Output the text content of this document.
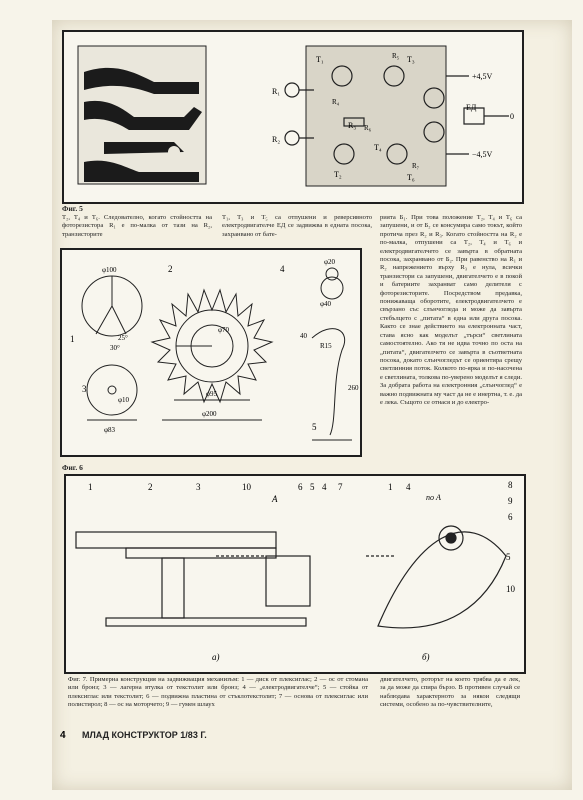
T₁
T₂
T₃
T₆
T₄
R₁
R₂
R₃
R₄
R₅
R₆
R₇
ЕД
+4,5V
−4,5V
0
Фиг. 5
T₂, T₄ и T₆. Следователно, когато стойността на фоторезистора R₁ е по-малка от тази на R₂, транзисторите
T₁, T₃ и T₅ са отпушени и реверсивното електродвигателче ЕД се задвижва в едната посока, захранвано от бате-
рията Б₁. При това положение T₂, T₄ и T₆ са запушени, и от Б₂ се консумира само токът, който протича през R₂ и R₃. Когато стойността на R₂ е по-малка, отпушени са T₂, T₄ и T₆ и електродвигателчето се завърта в обратната посока, захранвано от Б₂. При равенство на R₁ и R₂ напрежението върху R₃ е нула, всички транзистори са запушени, двигателчето е в покой и батериите захранват само делителя с фоторезисторите. Посредством предавка, понижаваща оборотите, електродвигателчето е свързано със слънчогледа и може да завърта стебълцето с „питата“ в една или друга посока. Както се знае действието на електронната част, става ясно как моделът „търси“ светлината самостоятелно. Ако тя не идва точно по оста на „питата“, двигателчето се завърта в съответната посока, докато слънчогледът се ориентира срещу светлинния поток. Колкото по-ярка и по-насочена е светлината, толкова по-уверено моделът я следи. За добрата работа на електронния „слънчоглед“ е важно подвижната му част да не е инертна, т. е. да е лека. Същото се отнася и до електро-
1
2
3
4
5
φ100
25°
30°
φ70
φ95
φ200
φ10
φ83
φ20
φ40
40
R15
260
Фиг. 6
1	2	3	10
A
6 5 4 7
a)
1 4
по A
8
9
6
5
10
б)
Фиг. 7. Примерна конструкция на задвижващия механизъм: 1 — диск от плексиглас; 2 — ос от стомана или бронз; 3 — лагерна втулка от текстолит или бронз; 4 — „електродвигателче“; 5 — стойка от плексиглас или текстолит; 6 — подвижна пластина от стъклотекстолит; 7 — основа от плексиглас или полистирол; 8 — ос на моторчето; 9 — гумен шлаух
двигателчето, роторът на което трябва да е лек, за да може да спира бързо. В противен случай се наблюдава характерното за някои следящи системи, особено за по-чувствителните,
4 МЛАД КОНСТРУКТОР 1/83 Г.
